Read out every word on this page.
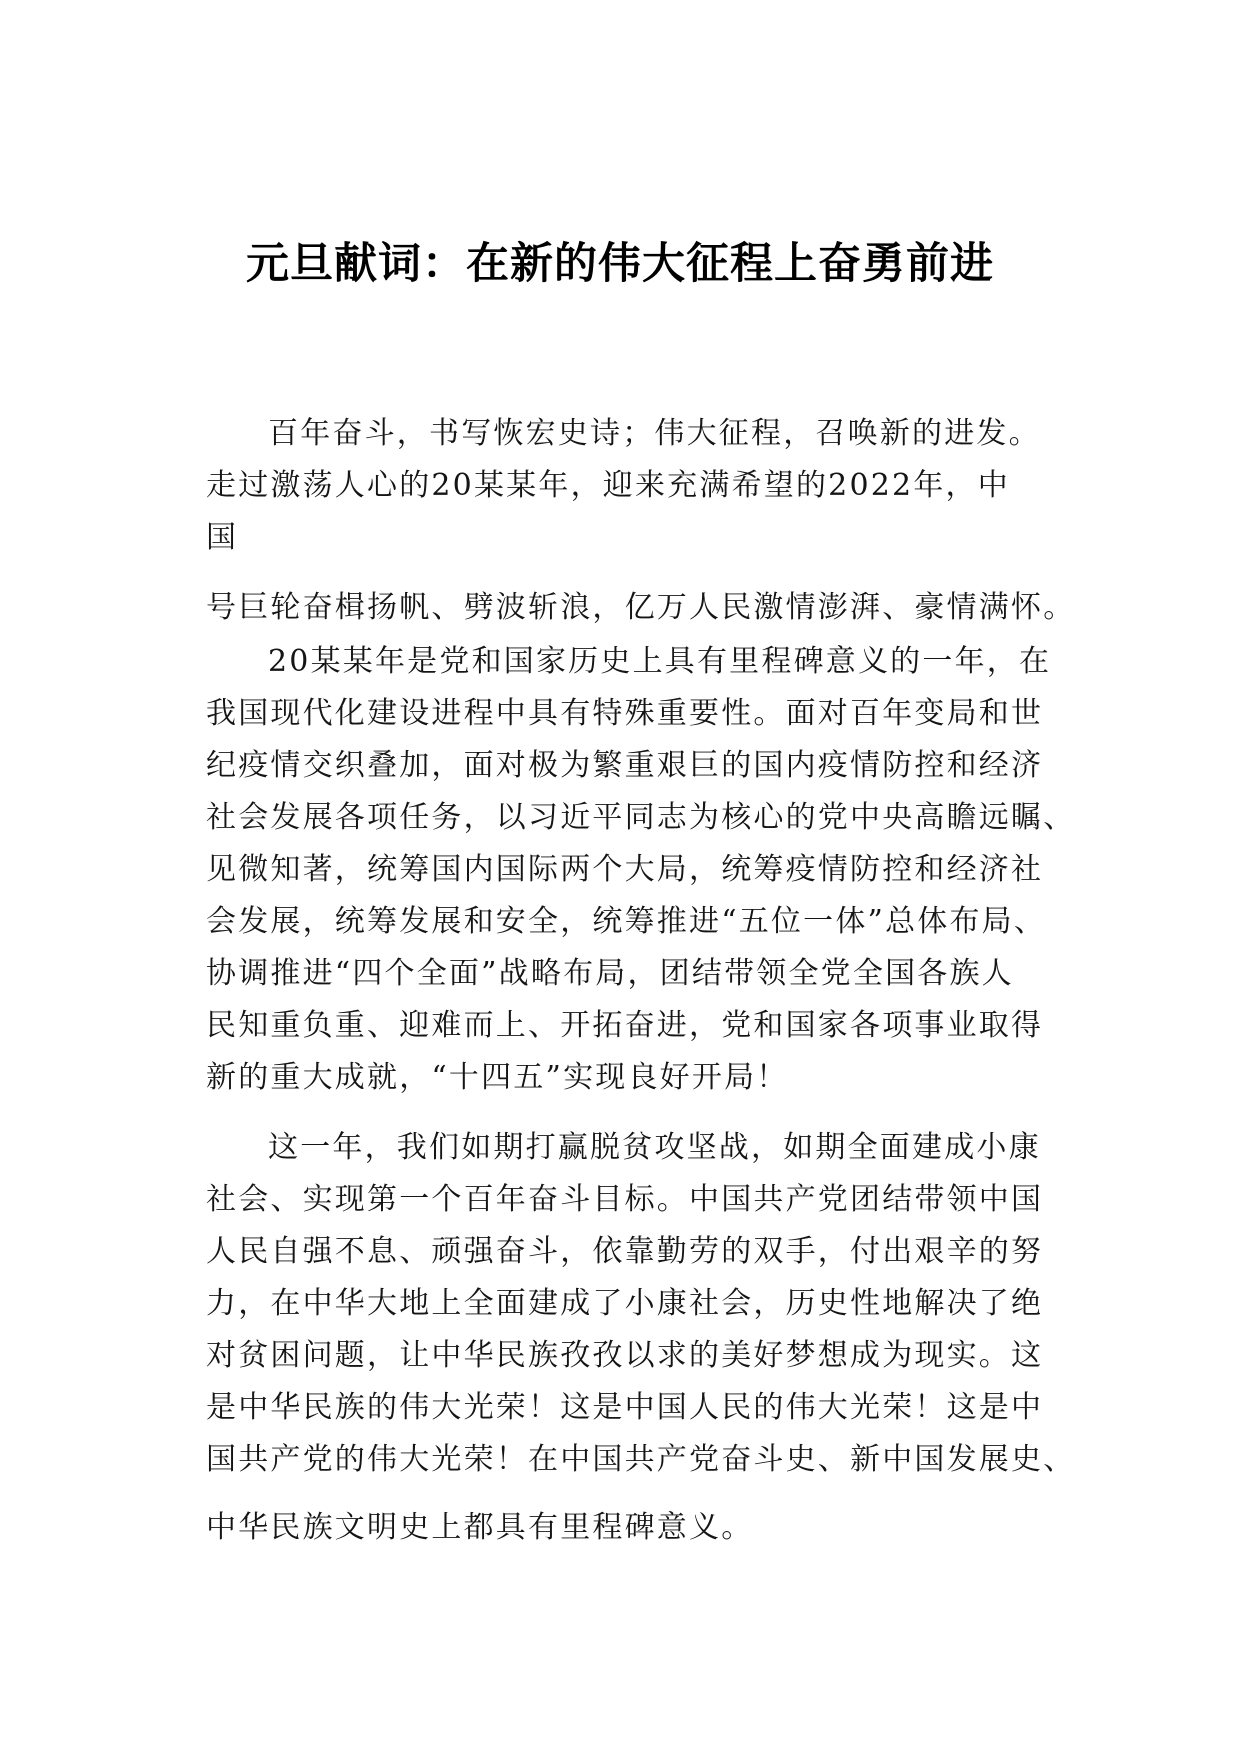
元旦献词：在新的伟大征程上奋勇前进

百年奋斗，书写恢宏史诗；伟大征程，召唤新的进发。

走过激荡人心的20某某年，迎来充满希望的2022年，中

国

号巨轮奋楫扬帆、劈波斩浪，亿万人民激情澎湃、豪情满怀。

20某某年是党和国家历史上具有里程碑意义的一年，在

我国现代化建设进程中具有特殊重要性。面对百年变局和世

纪疫情交织叠加，面对极为繁重艰巨的国内疫情防控和经济

社会发展各项任务，以习近平同志为核心的党中央高瞻远瞩、

见微知著，统筹国内国际两个大局，统筹疫情防控和经济社

会发展，统筹发展和安全，统筹推进“五位一体”总体布局、

协调推进“四个全面”战略布局，团结带领全党全国各族人

民知重负重、迎难而上、开拓奋进，党和国家各项事业取得

新的重大成就，“十四五”实现良好开局！

这一年，我们如期打赢脱贫攻坚战，如期全面建成小康

社会、实现第一个百年奋斗目标。中国共产党团结带领中国

人民自强不息、顽强奋斗，依靠勤劳的双手，付出艰辛的努

力，在中华大地上全面建成了小康社会，历史性地解决了绝

对贫困问题，让中华民族孜孜以求的美好梦想成为现实。这

是中华民族的伟大光荣！这是中国人民的伟大光荣！这是中

国共产党的伟大光荣！在中国共产党奋斗史、新中国发展史、

中华民族文明史上都具有里程碑意义。
